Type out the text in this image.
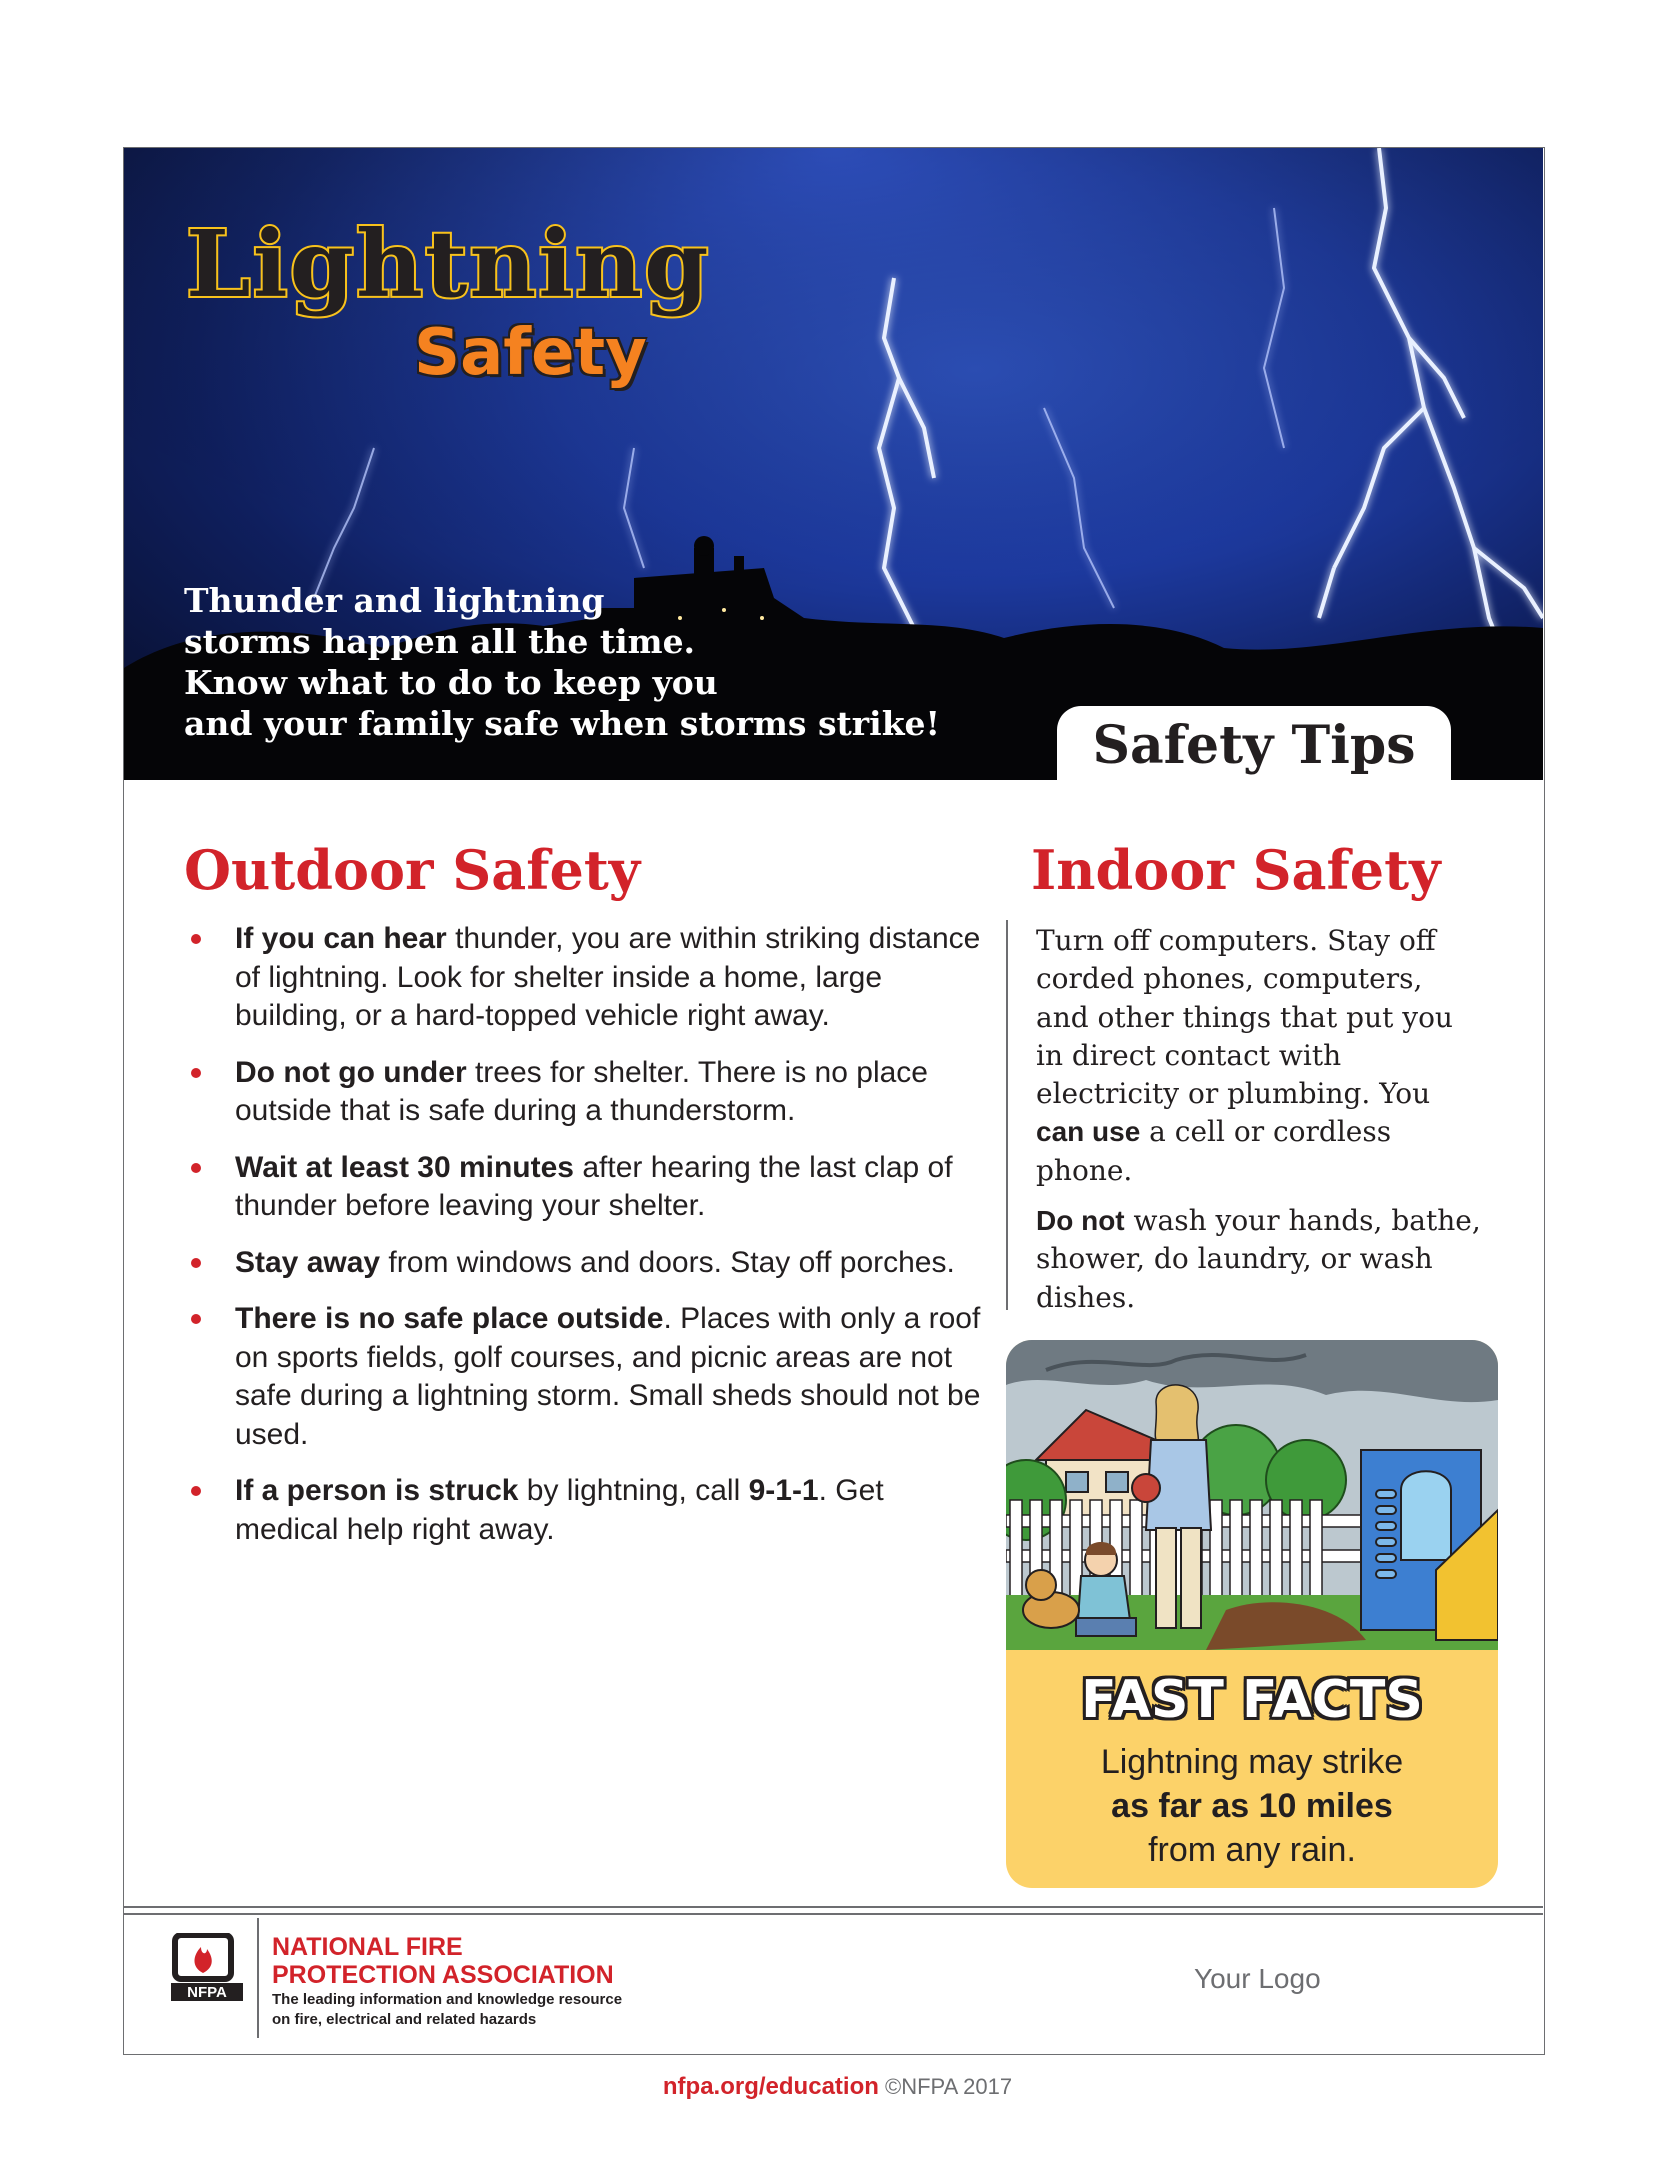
Lightning
Safety
Thunder and lightning
storms happen all the time.
Know what to do to keep you
and your family safe when storms strike!	Safety Tips
Outdoor Safety
If you can hear thunder, you are within striking distance of lightning. Look for shelter inside a home, large building, or a hard-topped vehicle right away.
Do not go under trees for shelter. There is no place outside that is safe during a thunderstorm.
Wait at least 30 minutes after hearing the last clap of thunder before leaving your shelter.
Stay away from windows and doors. Stay off porches.
There is no safe place outside. Places with only a roof on sports fields, golf courses, and picnic areas are not safe during a lightning storm. Small sheds should not be used.
If a person is struck by lightning, call 9-1-1. Get medical help right away.
Indoor Safety

Turn off computers. Stay off corded phones, computers, and other things that put you in direct contact with electricity or plumbing. You can use a cell or cordless phone.

Do not wash your hands, bathe, shower, do laundry, or wash dishes.

FAST FACTS
Lightning may strike
as far as 10 miles
from any rain.
NFPA
NATIONAL FIRE
PROTECTION ASSOCIATION
The leading information and knowledge resource
on fire, electrical and related hazards
Your Logo
nfpa.org/education ©NFPA 2017
